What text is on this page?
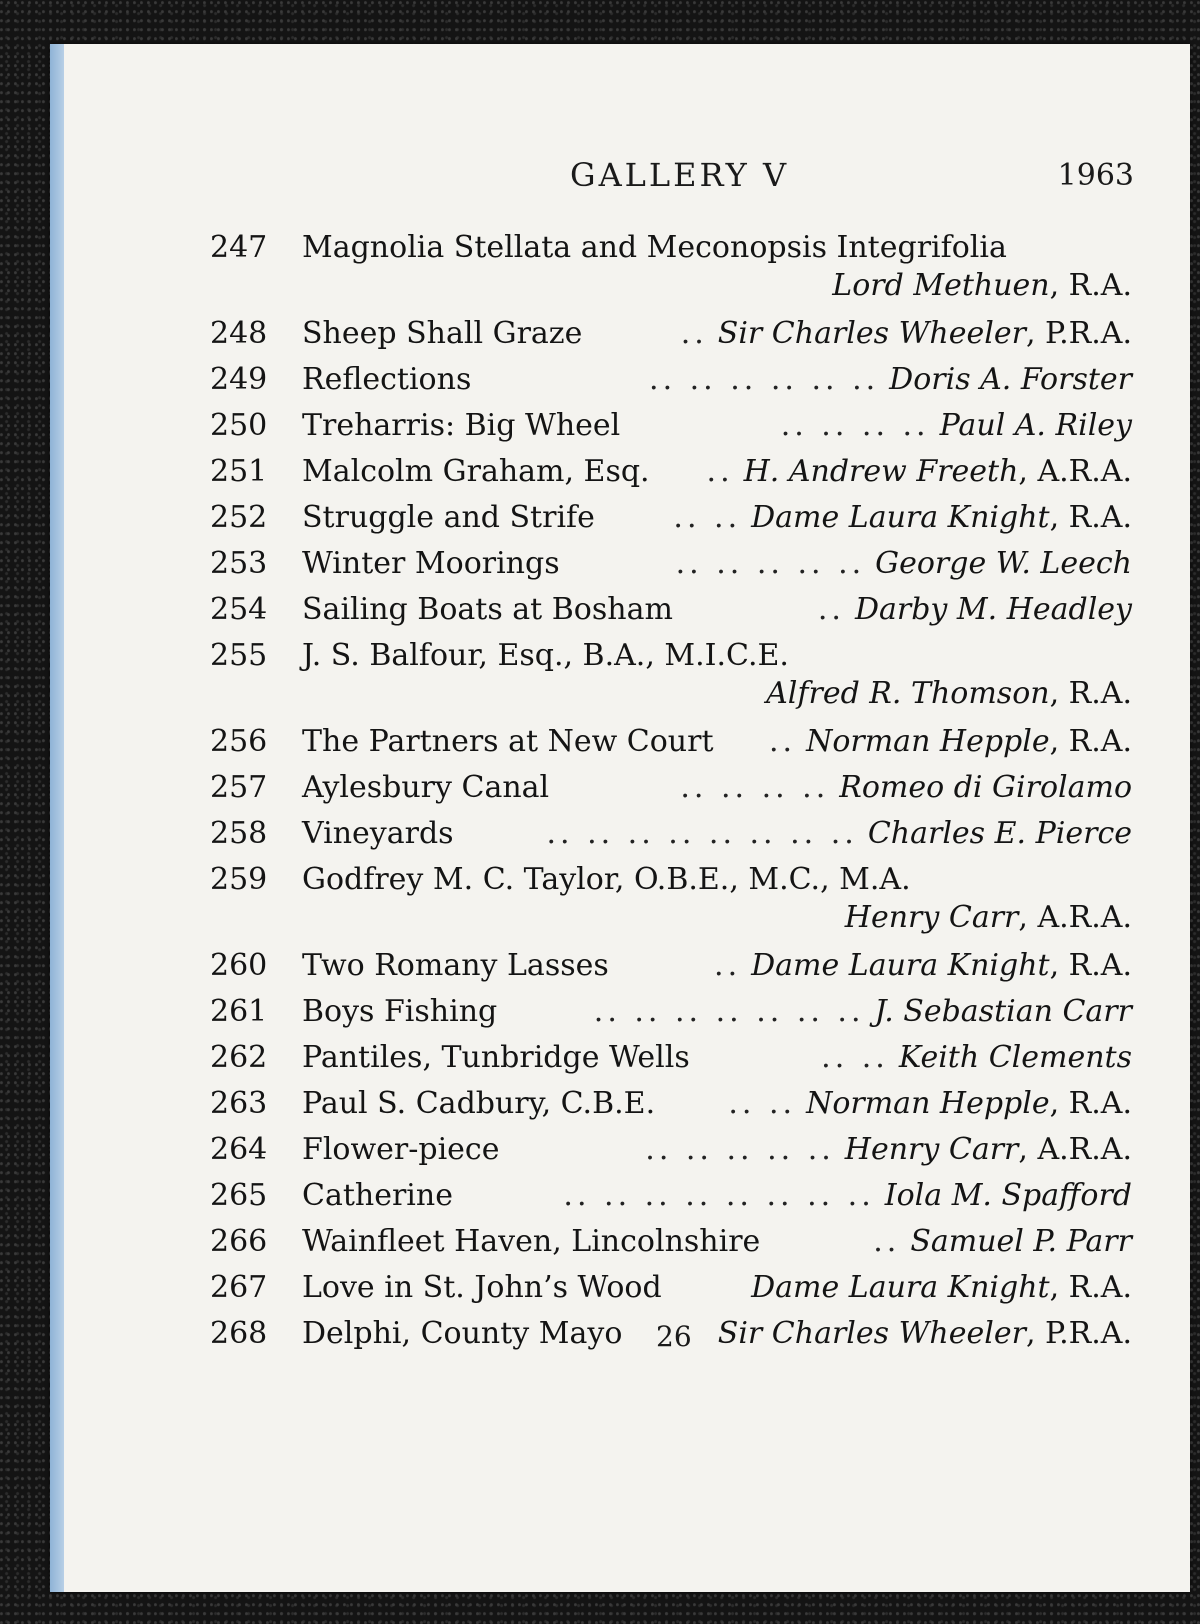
GALLERY V	1963
247	Magnolia Stellata and Meconopsis Integrifolia
Lord Methuen, R.A.
248	Sheep Shall Graze	.. Sir Charles Wheeler, P.R.A.
249	Reflections	.. .. .. .. .. .. Doris A. Forster
250	Treharris: Big Wheel	.. .. .. .. Paul A. Riley
251	Malcolm Graham, Esq. .. H. Andrew Freeth, A.R.A.
252	Struggle and Strife	.. .. Dame Laura Knight, R.A.
253	Winter Moorings	.. .. .. .. .. George W. Leech
254	Sailing Boats at Bosham	.. Darby M. Headley
255	J. S. Balfour, Esq., B.A., M.I.C.E.
Alfred R. Thomson, R.A.
256	The Partners at New Court .. Norman Hepple, R.A.
257	Aylesbury Canal	.. .. .. .. Romeo di Girolamo
258	Vineyards	.. .. .. .. .. .. .. .. Charles E. Pierce
259	Godfrey M. C. Taylor, O.B.E., M.C., M.A.
Henry Carr, A.R.A.
260	Two Romany Lasses	.. Dame Laura Knight, R.A.
261	Boys Fishing	.. .. .. .. .. .. .. J. Sebastian Carr
262	Pantiles, Tunbridge Wells	.. .. Keith Clements
263	Paul S. Cadbury, C.B.E. .. .. Norman Hepple, R.A.
264	Flower-piece	.. .. .. .. .. Henry Carr, A.R.A.
265	Catherine	.. .. .. .. .. .. .. .. Iola M. Spafford
266	Wainfleet Haven, Lincolnshire	.. Samuel P. Parr
267	Love in St. John’s Wood	Dame Laura Knight, R.A.
268	Delphi, County Mayo	Sir Charles Wheeler, P.R.A.
26
